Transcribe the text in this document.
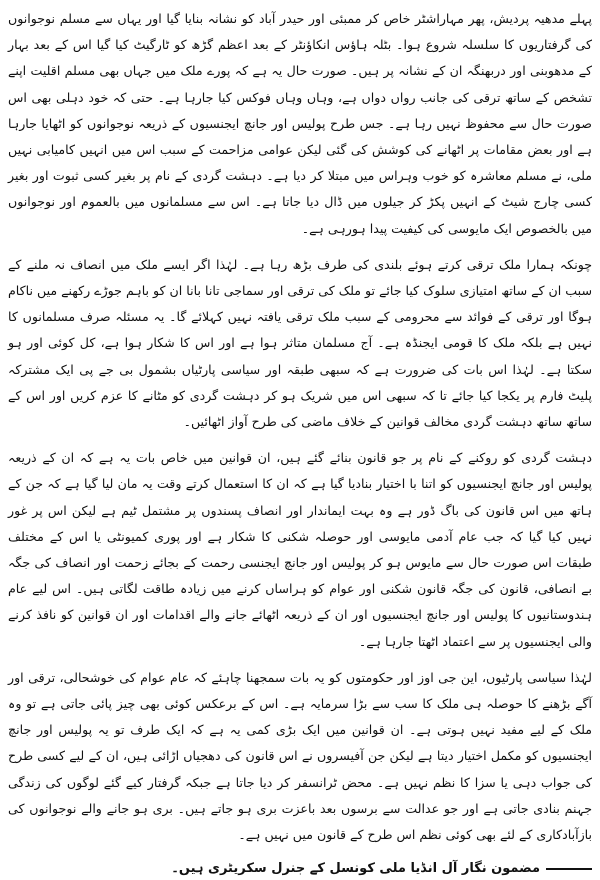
پہلے مدھیہ پردیش، پھر مہاراشٹر خاص کر ممبئی اور حیدر آباد کو نشانہ بنایا گیا اور یہاں سے مسلم نوجوانوں کی گرفتاریوں کا سلسلہ شروع ہوا۔ بٹلہ ہاؤس انکاؤنٹر کے بعد اعظم گڑھ کو ٹارگیٹ کیا گیا اس کے بعد بہار کے مدھوبنی اور دربھنگہ ان کے نشانہ پر ہیں۔ صورت حال یہ ہے کہ پورے ملک میں جہاں بھی مسلم اقلیت اپنے تشخص کے ساتھ ترقی کی جانب رواں دواں ہے، وہاں وہاں فوکس کیا جارہا ہے۔ حتی کہ خود دہلی بھی اس صورت حال سے محفوظ نہیں رہا ہے۔ جس طرح پولیس اور جانچ ایجنسیوں کے ذریعہ نوجوانوں کو اٹھایا جارہا ہے اور بعض مقامات پر اٹھانے کی کوشش کی گئی لیکن عوامی مزاحمت کے سبب اس میں انہیں کامیابی نہیں ملی، نے مسلم معاشرہ کو خوب وہراس میں مبتلا کر دیا ہے۔ دہشت گردی کے نام پر بغیر کسی ثبوت اور بغیر کسی چارج شیٹ کے انہیں پکڑ کر جیلوں میں ڈال دیا جاتا ہے۔ اس سے مسلمانوں میں بالعموم اور نوجوانوں میں بالخصوص ایک مایوسی کی کیفیت پیدا ہورہی ہے۔

چونکہ ہمارا ملک ترقی کرتے ہوئے بلندی کی طرف بڑھ رہا ہے۔ لہٰذا اگر ایسے ملک میں انصاف نہ ملنے کے سبب ان کے ساتھ امتیازی سلوک کیا جائے تو ملک کی ترقی اور سماجی تانا بانا ان کو باہم جوڑے رکھنے میں ناکام ہوگا اور ترقی کے فوائد سے محرومی کے سبب ملک ترقی یافتہ نہیں کہلائے گا۔ یہ مسئلہ صرف مسلمانوں کا نہیں ہے بلکہ ملک کا قومی ایجنڈہ ہے۔ آج مسلمان متاثر ہوا ہے اور اس کا شکار ہوا ہے، کل کوئی اور ہو سکتا ہے۔ لہٰذا اس بات کی ضرورت ہے کہ سبھی طبقہ اور سیاسی پارٹیاں بشمول بی جے پی ایک مشترکہ پلیٹ فارم پر یکجا کیا جائے تا کہ سبھی اس میں شریک ہو کر دہشت گردی کو مٹانے کا عزم کریں اور اس کے ساتھ ساتھ دہشت گردی مخالف قوانین کے خلاف ماضی کی طرح آواز اٹھائیں۔

دہشت گردی کو روکنے کے نام پر جو قانون بنائے گئے ہیں، ان قوانین میں خاص بات یہ ہے کہ ان کے ذریعہ پولیس اور جانچ ایجنسیوں کو اتنا با اختیار بنادیا گیا ہے کہ ان کا استعمال کرتے وقت یہ مان لیا گیا ہے کہ جن کے ہاتھ میں اس قانون کی باگ ڈور ہے وہ بہت ایماندار اور انصاف پسندوں پر مشتمل ٹیم ہے لیکن اس پر غور نہیں کیا گیا کہ جب عام آدمی مایوسی اور حوصلہ شکنی کا شکار ہے اور پوری کمیونٹی یا اس کے مختلف طبقات اس صورت حال سے مایوس ہو کر پولیس اور جانچ ایجنسی رحمت کے بجائے زحمت اور انصاف کی جگہ بے انصافی، قانون کی جگہ قانون شکنی اور عوام کو ہراساں کرنے میں زیادہ طاقت لگاتی ہیں۔ اس لیے عام ہندوستانیوں کا پولیس اور جانچ ایجنسیوں اور ان کے ذریعہ اٹھائے جانے والے اقدامات اور ان قوانین کو نافذ کرنے والی ایجنسیوں پر سے اعتماد اٹھتا جارہا ہے۔

لہٰذا سیاسی پارٹیوں، این جی اوز اور حکومتوں کو یہ بات سمجھنا چاہئے کہ عام عوام کی خوشحالی، ترقی اور آگے بڑھنے کا حوصلہ ہی ملک کا سب سے بڑا سرمایہ ہے۔ اس کے برعکس کوئی بھی چیز پائی جاتی ہے تو وہ ملک کے لیے مفید نہیں ہوتی ہے۔ ان قوانین میں ایک بڑی کمی یہ ہے کہ ایک طرف تو یہ پولیس اور جانچ ایجنسیوں کو مکمل اختیار دیتا ہے لیکن جن آفیسروں نے اس قانون کی دھجیاں اڑائی ہیں، ان کے لیے کسی طرح کی جواب دہی یا سزا کا نظم نہیں ہے۔ محض ٹرانسفر کر دیا جاتا ہے جبکہ گرفتار کیے گئے لوگوں کی زندگی جہنم بنادی جاتی ہے اور جو عدالت سے برسوں بعد باعزت بری ہو جاتے ہیں۔ بری ہو جانے والے نوجوانوں کی بازآبادکاری کے لئے بھی کوئی نظم اس طرح کے قانون میں نہیں ہے۔

مضمون نگار آل انڈیا ملی کونسل کے جنرل سکریٹری ہیں۔
